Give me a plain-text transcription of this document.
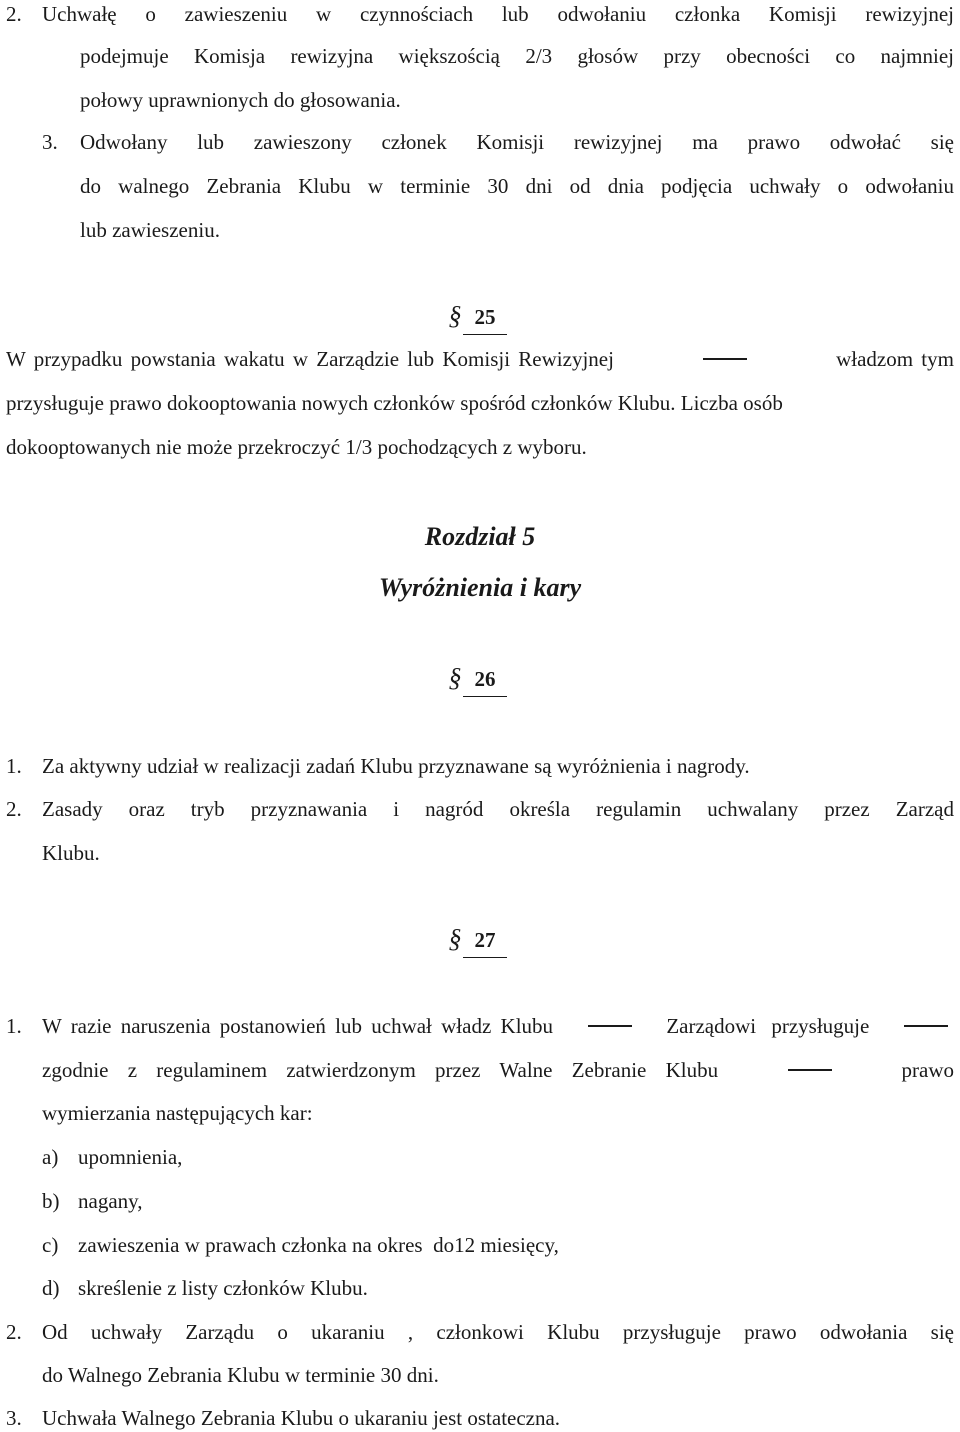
2. Uchwałę o zawieszeniu w czynnościach lub odwołaniu członka Komisji rewizyjnej
podejmuje Komisja rewizyjna większością 2/3 głosów przy obecności co najmniej
połowy uprawnionych do głosowania.
3. Odwołany lub zawieszony członek Komisji rewizyjnej ma prawo odwołać się
do walnego Zebrania Klubu w terminie 30 dni od dnia podjęcia uchwały o odwołaniu
lub zawieszeniu.
§ 25
W przypadku powstania wakatu w Zarządzie lub Komisji Rewizyjnej	władzom tym
przysługuje prawo dokooptowania nowych członków spośród członków Klubu. Liczba osób
dokooptowanych nie może przekroczyć 1/3 pochodzących z wyboru.
Rozdział 5
Wyróżnienia i kary
§ 26
1. Za aktywny udział w realizacji zadań Klubu przyznawane są wyróżnienia i nagrody.
2. Zasady oraz tryb przyznawania i nagród określa regulamin uchwalany przez Zarząd
Klubu.
§ 27
1. W razie naruszenia postanowień lub uchwał władz Klubu	Zarządowi przysługuje
zgodnie z regulaminem zatwierdzonym przez Walne Zebranie Klubu	prawo
wymierzania następujących kar:
a) upomnienia,
b) nagany,
c) zawieszenia w prawach członka na okres  do12 miesięcy,
d) skreślenie z listy członków Klubu.
2. Od uchwały Zarządu o ukaraniu , członkowi Klubu przysługuje prawo odwołania się
do Walnego Zebrania Klubu w terminie 30 dni.
3. Uchwała Walnego Zebrania Klubu o ukaraniu jest ostateczna.
